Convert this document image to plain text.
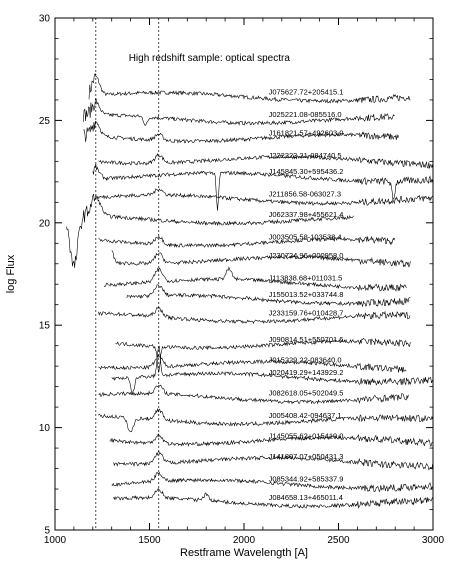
J075627.72+205415.1
J025221.08-085516.0
J161821.57+492603.0
J222323.21-084740.5
J145845.30+595436.2
J211856.58-063027.3
J062337.98+455621.4
J003505.58-103538.4
J230724.96+000958.0
J113838.68+011031.5
J155013.52+033744.8
J233159.76+010428.7
J090814.51+550701.6
J015229.22-083640.0
J020419.29+143929.2
J082618.05+502049.5
J005408.42-094637.1
J145055.62+015419.0
J141807.07+050431.3
J085344.92+585337.9
J084658.13+465011.4
1000	1500	2000	2500	3000
5
10
15
20
25
30
High redshift sample: optical spectra
Restframe Wavelength [A]
log Flux
